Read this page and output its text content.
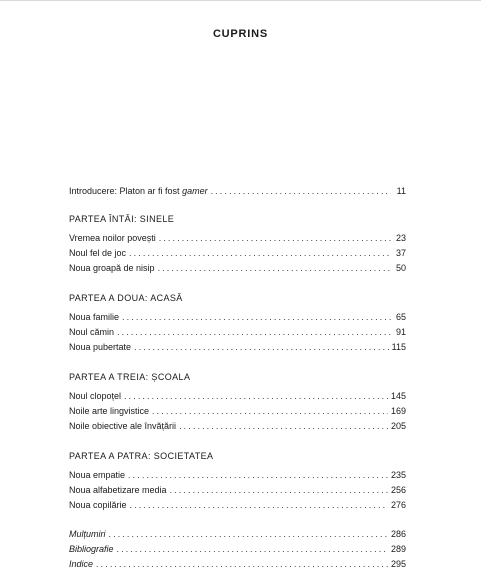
CUPRINS
Introducere: Platon ar fi fost gamer . . .	11
PARTEA ÎNTÂI: SINELE
Vremea noilor povești . . .	23
Noul fel de joc . . .	37
Noua groapă de nisip . . .	50
PARTEA A DOUA: ACASĂ
Noua familie . . .	65
Noul cămin . . .	91
Noua pubertate . . .	115
PARTEA A TREIA: ȘCOALA
Noul clopoțel . . .	145
Noile arte lingvistice . . .	169
Noile obiective ale învățării . . .	205
PARTEA A PATRA: SOCIETATEA
Noua empatie . . .	235
Noua alfabetizare media . . .	256
Noua copilărie . . .	276
Mulțumiri . . .	286
Bibliografie . . .	289
Indice . . .	295
